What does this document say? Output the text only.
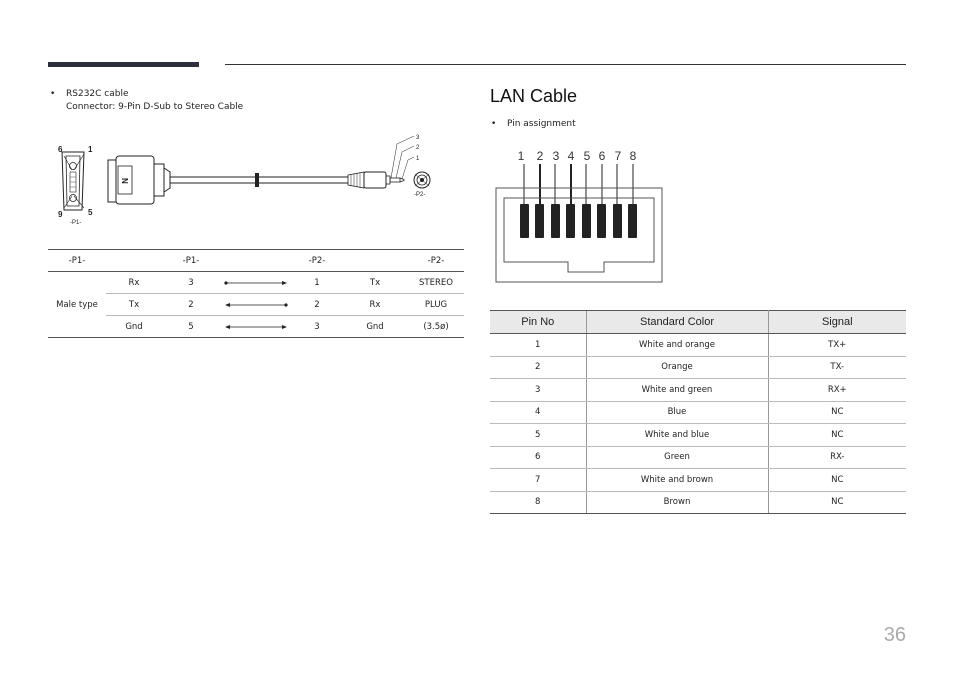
• RS232C cable
Connector: 9-Pin D-Sub to Stereo Cable
6	1
9	5
-P1-
N
3
2
1
-P2-
-P1-		-P1-		-P2-		-P2-
Male type	Rx	3		1	Tx	STEREO
	Tx	2		2	Rx	PLUG
	Gnd	5		3	Gnd	(3.5ø)
LAN Cable
• Pin assignment
1 2 3 4 5 6 7 8
Pin No	Standard Color	Signal
1	White and orange	TX+
2	Orange	TX-
3	White and green	RX+
4	Blue	NC
5	White and blue	NC
6	Green	RX-
7	White and brown	NC
8	Brown	NC
36
